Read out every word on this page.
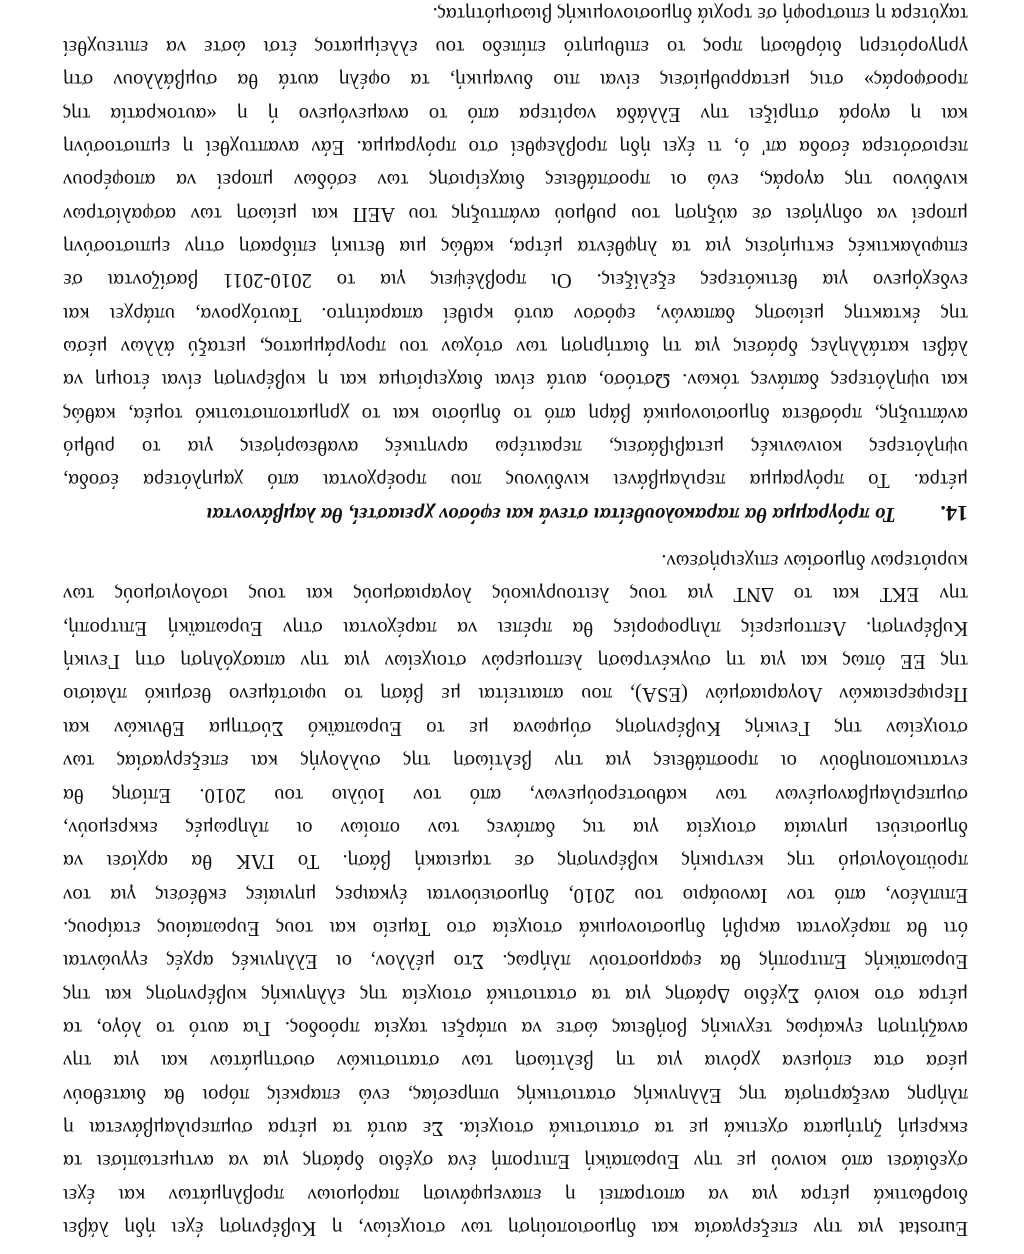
Eurostat για την επεξεργασία και δημοσιοποίηση των στοιχείων, η Κυβέρνηση έχει ήδη λάβει
διορθωτικά μέτρα για να αποτραπεί η επανεμφάνιση παρόμοιων προβλημάτων και έχει
σχεδιάσει από κοινού με την Ευρωπαϊκή Επιτροπή ένα σχέδιο δράσης για να αντιμετωπίσει τα
εκκρεμή ζητήματα σχετικά με τα στατιστικά στοιχεία. Σε αυτά τα μέτρα συμπεριλαμβάνεται η
πλήρης ανεξαρτησία της Ελληνικής στατιστικής υπηρεσίας, ενώ επαρκείς πόροι θα διατεθούν
μέσα στα επόμενα χρόνια για τη βελτίωση των στατιστικών συστημάτων και για την
αναζήτηση εγκαίρως τεχνικής βοήθειας ώστε να υπάρξει ταχεία πρόοδος. Για αυτό το λόγο, τα
μέτρα στο κοινό Σχέδιο Δράσης για τα στατιστικά στοιχεία της ελληνικής κυβέρνησης και της
Ευρωπαϊκής Επιτροπής θα εφαρμοστούν πλήρως. Στο μέλλον, οι Ελληνικές αρχές εγγυώνται
ότι θα παρέχονται ακριβή δημοσιονομικά στοιχεία στο Ταμείο και τους Ευρωπαίους εταίρους.
Επιπλέον, από τον Ιανουάριο του 2010, δημοσιεύονται έγκαιρες μηνιαίες εκθέσεις για τον
προϋπολογισμό της κεντρικής κυβέρνησης σε ταμειακή βάση. Το ΓΛΚ θα αρχίσει να
δημοσιεύει μηνιαία στοιχεία για τις δαπάνες των οποίων οι πληρωμές εκκρεμούν,
συμπεριλαμβανομένων των καθυστερούμενων, από τον Ιούλιο του 2010. Επίσης θα
εντατικοποιηθούν οι προσπάθειες για την βελτίωση της συλλογής και επεξεργασίας των
στοιχείων της Γενικής Κυβέρνησης σύμφωνα με το Ευρωπαϊκό Σύστημα Εθνικών και
Περιφερειακών Λογαριασμών (ESA), που απαιτείται με βάση το υφιστάμενο θεσμικό πλαίσιο
της ΕΕ όπως και για τη συγκέντρωση λεπτομερών στοιχείων για την απασχόληση στη Γενική
Κυβέρνηση. Λεπτομερείς πληροφορίες θα πρέπει να παρέχονται στην Ευρωπαϊκή Επιτροπή,
την ΕΚΤ και το ΔΝΤ για τους λειτουργικούς λογαριασμούς και τους ισολογισμούς των
κυριότερων δημοσίων επιχειρήσεων.
14.
Το πρόγραμμα θα παρακολουθείται στενά και εφόσον χρειαστεί, θα λαμβάνονται
μέτρα. Το πρόγραμμα περιλαμβάνει κινδύνους που προέρχονται από χαμηλότερα έσοδα,
υψηλότερες κοινωνικές μεταβιβάσεις, περαιτέρω αρνητικές αναθεωρήσεις για το ρυθμό
ανάπτυξης, πρόσθετα δημοσιονομικά βάρη από το δημόσιο και το χρηματοπιστωτικό τομέα, καθώς
και υψηλότερες δαπάνες τόκων. Ωστόσο, αυτά είναι διαχειρίσιμα και η κυβέρνηση είναι έτοιμη να
λάβει κατάλληλες δράσεις για τη διατήρηση των στόχων του προγράμματος, μεταξύ άλλων μέσω
της έκτακτης μείωσης δαπανών, εφόσον αυτό κριθεί απαραίτητο. Ταυτόχρονα, υπάρχει και
ενδεχόμενο για θετικότερες εξελίξεις. Οι προβλέψεις για το 2010-2011 βασίζονται σε
επιφυλακτικές εκτιμήσεις για τα ληφθέντα μέτρα, καθώς μια θετική επίδραση στην εμπιστοσύνη
μπορεί να οδηγήσει σε αύξηση του ρυθμού ανάπτυξης του ΑΕΠ και μείωση των ασφαλίστρων
κινδύνου της αγοράς, ενώ οι προσπάθειες διαχείρισης των εσόδων μπορεί να αποφέρουν
περισσότερα έσοδα απ' ό, τι έχει ήδη προβλεφθεί στο πρόγραμμα. Εάν αναπτυχθεί η εμπιστοσύνη
και η αγορά στηρίξει την Ελλάδα νωρίτερα από το αναμενόμενο ή η «αυτοκρατία της
προσφοράς» στις μεταρρυθμίσεις είναι πιο δυναμική, τα οφέλη αυτά θα συμβάλλουν στη
γρηγορότερη διόρθωση προς το επιθυμητό επίπεδο του ελλείμματος έτσι ώστε να επιτευχθεί
ταχύτερα η επιστροφή σε τροχιά δημοσιονομικής βιωσιμότητας.
